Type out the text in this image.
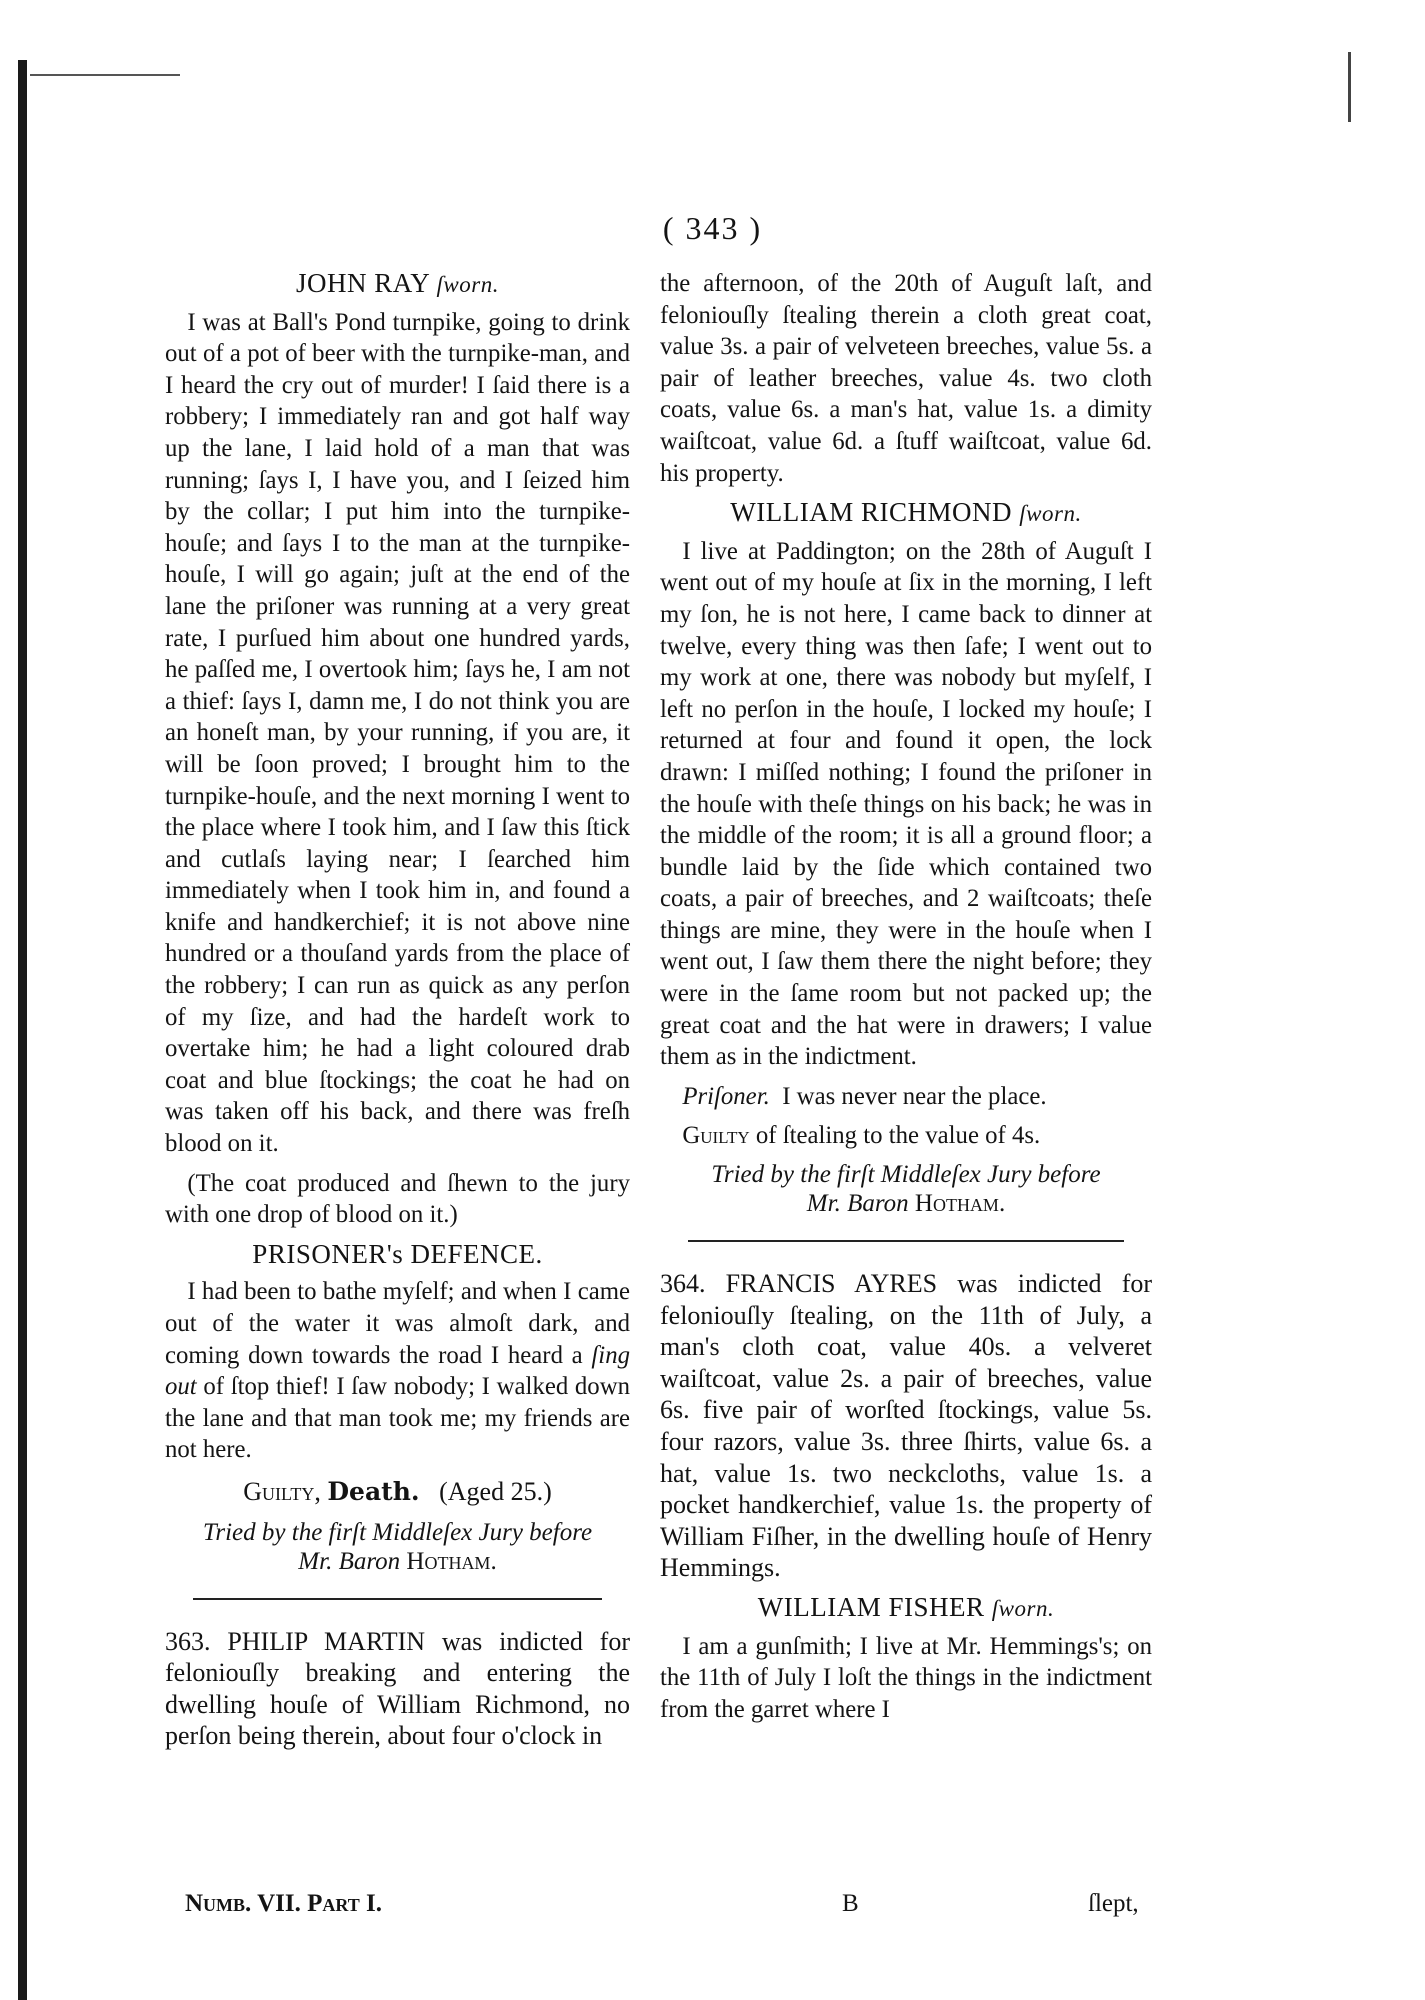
( 343 )
JOHN RAY ſworn.

I was at Ball's Pond turnpike, going to drink out of a pot of beer with the turnpike-man, and I heard the cry out of murder! I ſaid there is a robbery; I immediately ran and got half way up the lane, I laid hold of a man that was running; ſays I, I have you, and I ſeized him by the collar; I put him into the turnpike-houſe; and ſays I to the man at the turnpike-houſe, I will go again; juſt at the end of the lane the priſoner was running at a very great rate, I purſued him about one hundred yards, he paſſed me, I overtook him; ſays he, I am not a thief: ſays I, damn me, I do not think you are an honeſt man, by your running, if you are, it will be ſoon proved; I brought him to the turnpike-houſe, and the next morning I went to the place where I took him, and I ſaw this ſtick and cutlaſs laying near; I ſearched him immediately when I took him in, and found a knife and handkerchief; it is not above nine hundred or a thouſand yards from the place of the robbery; I can run as quick as any perſon of my ſize, and had the hardeſt work to overtake him; he had a light coloured drab coat and blue ſtockings; the coat he had on was taken off his back, and there was freſh blood on it.

(The coat produced and ſhewn to the jury with one drop of blood on it.)

PRISONER's DEFENCE.

I had been to bathe myſelf; and when I came out of the water it was almoſt dark, and coming down towards the road I heard a ſing out of ſtop thief! I ſaw nobody; I walked down the lane and that man took me; my friends are not here.

Guilty, Death. (Aged 25.)
Tried by the firſt Middleſex Jury before
Mr. Baron Hotham.

363. PHILIP MARTIN was indicted for feloniouſly breaking and entering the dwelling houſe of William Richmond, no perſon being therein, about four o'clock in

the afternoon, of the 20th of Auguſt laſt, and feloniouſly ſtealing therein a cloth great coat, value 3s. a pair of velveteen breeches, value 5s. a pair of leather breeches, value 4s. two cloth coats, value 6s. a man's hat, value 1s. a dimity waiſtcoat, value 6d. a ſtuff waiſtcoat, value 6d. his property.

WILLIAM RICHMOND ſworn.

I live at Paddington; on the 28th of Auguſt I went out of my houſe at ſix in the morning, I left my ſon, he is not here, I came back to dinner at twelve, every thing was then ſafe; I went out to my work at one, there was nobody but myſelf, I left no perſon in the houſe, I locked my houſe; I returned at four and found it open, the lock drawn: I miſſed nothing; I found the priſoner in the houſe with theſe things on his back; he was in the middle of the room; it is all a ground floor; a bundle laid by the ſide which contained two coats, a pair of breeches, and 2 waiſtcoats; theſe things are mine, they were in the houſe when I went out, I ſaw them there the night before; they were in the ſame room but not packed up; the great coat and the hat were in drawers; I value them as in the indictment.

Priſoner. I was never near the place.

Guilty of ſtealing to the value of 4s.

Tried by the firſt Middleſex Jury before
Mr. Baron Hotham.

364. FRANCIS AYRES was indicted for feloniouſly ſtealing, on the 11th of July, a man's cloth coat, value 40s. a velveret waiſtcoat, value 2s. a pair of breeches, value 6s. five pair of worſted ſtockings, value 5s. four razors, value 3s. three ſhirts, value 6s. a hat, value 1s. two neckcloths, value 1s. a pocket handkerchief, value 1s. the property of William Fiſher, in the dwelling houſe of Henry Hemmings.

WILLIAM FISHER ſworn.

I am a gunſmith; I live at Mr. Hemmings's; on the 11th of July I loſt the things in the indictment from the garret where I

Numb. VII. Part I.	B	ſlept,
